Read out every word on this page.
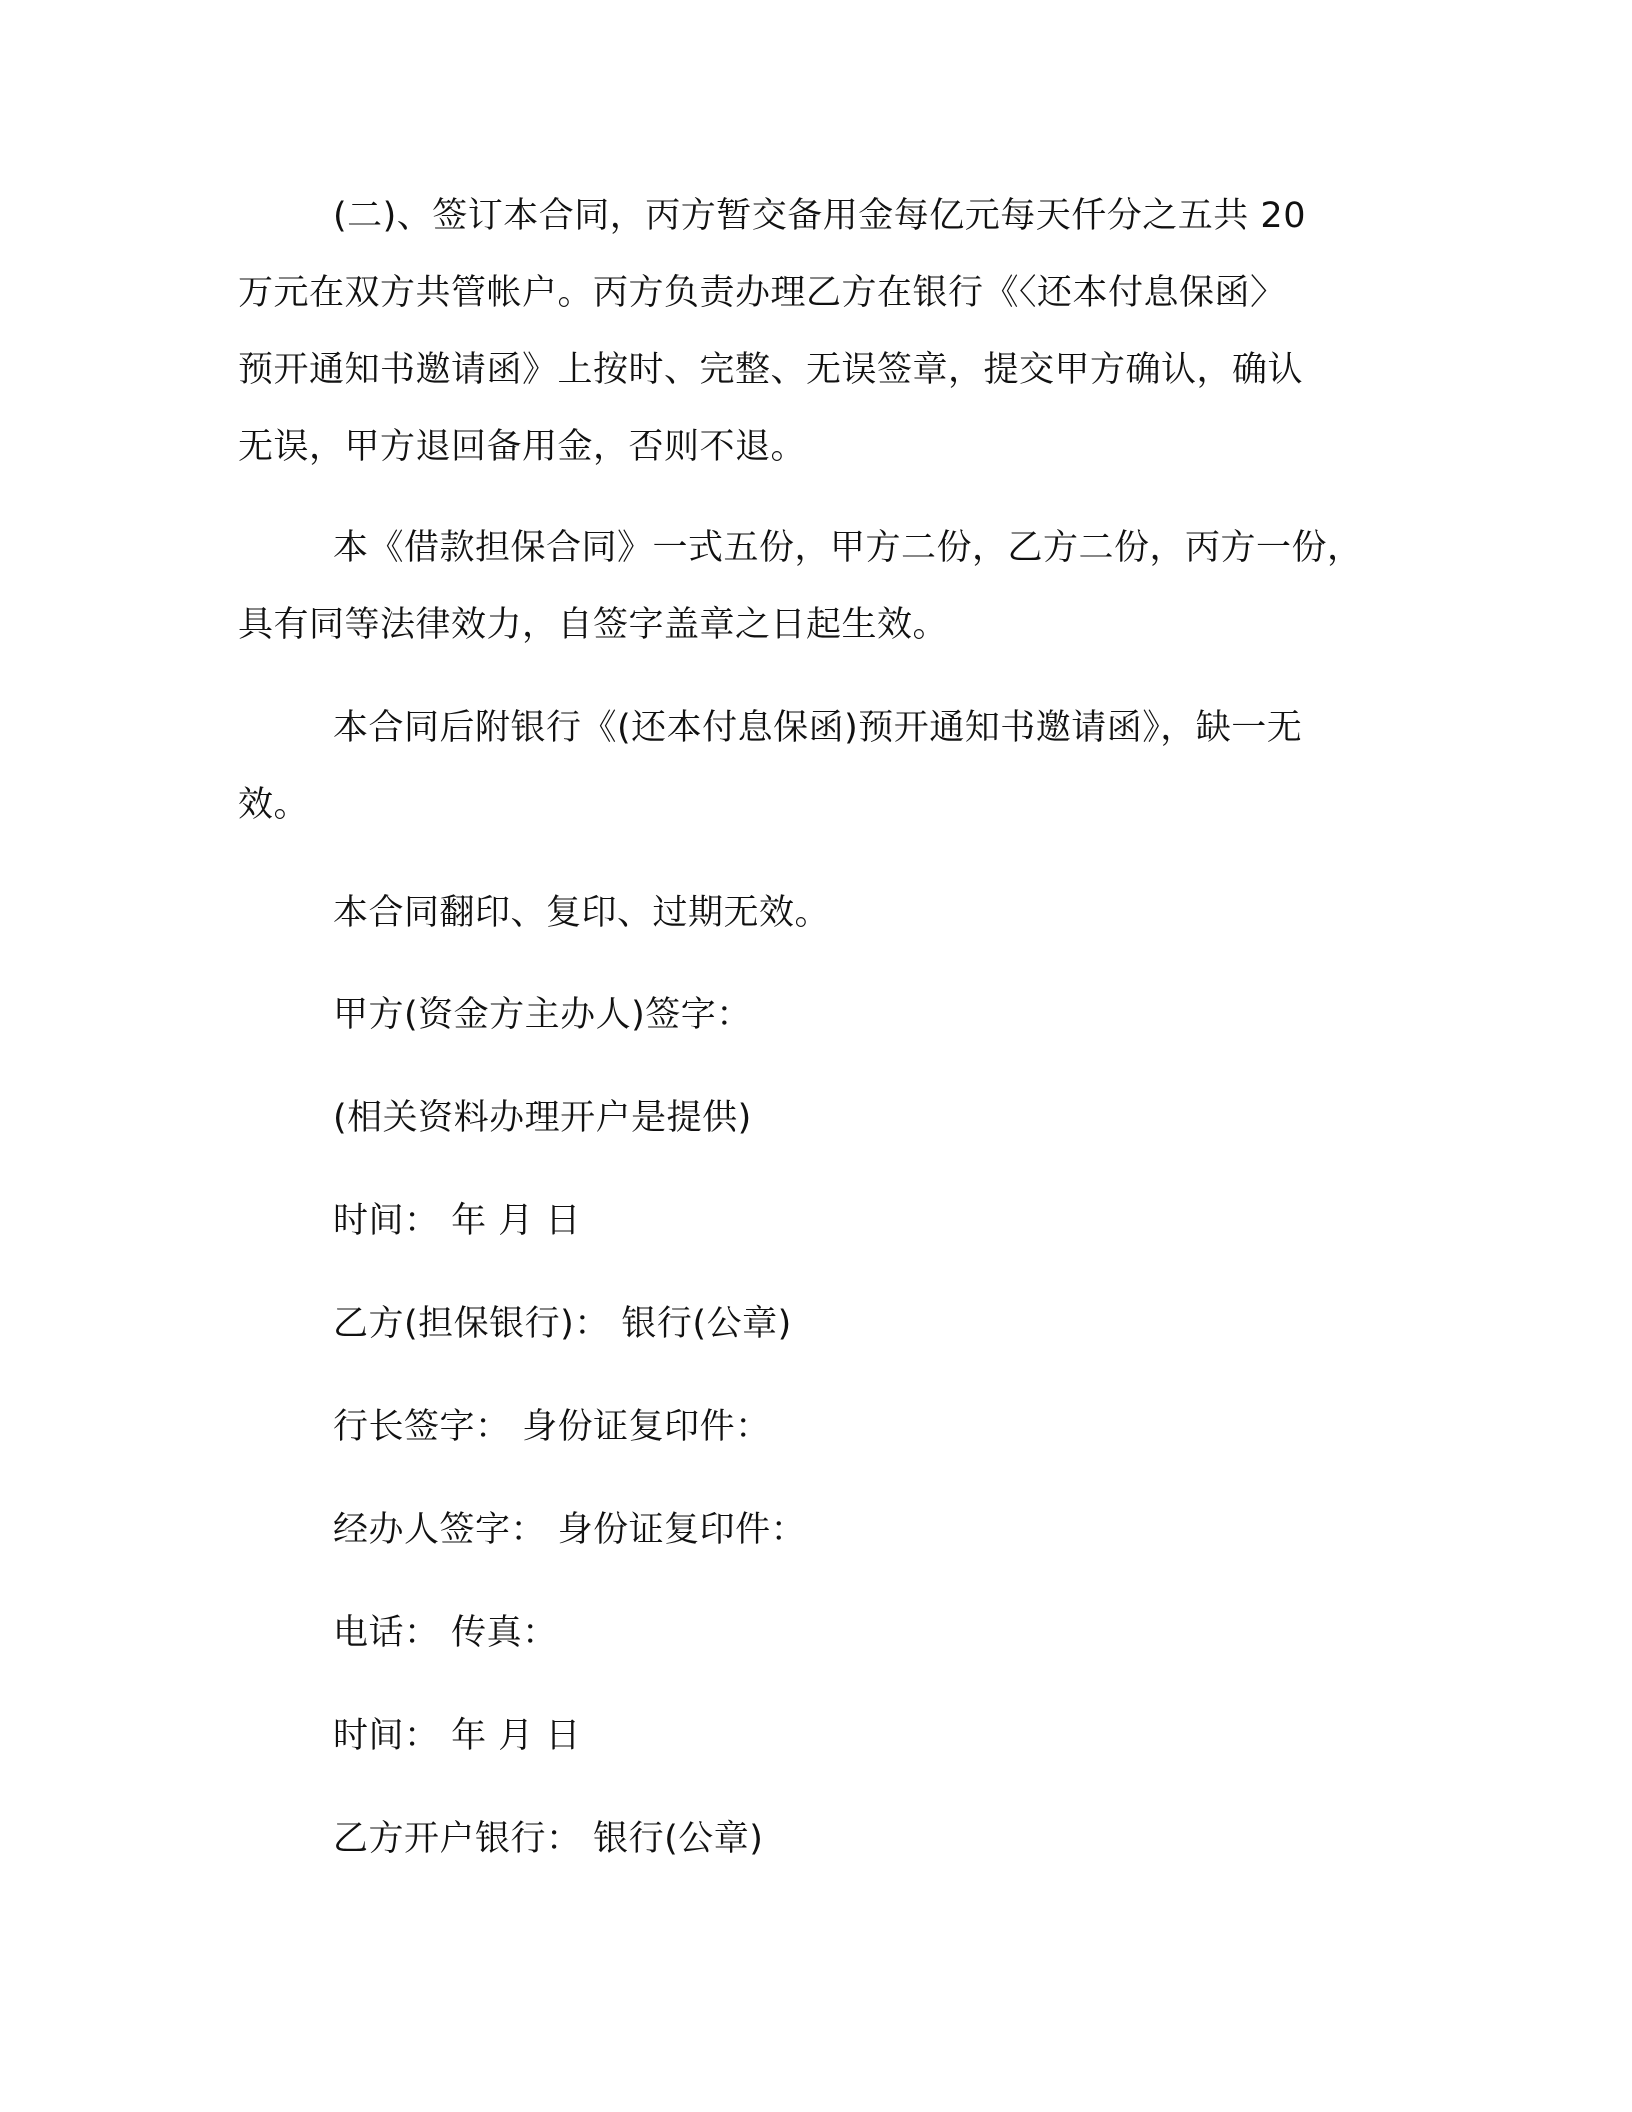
(二)、签订本合同，丙方暂交备用金每亿元每天仟分之五共 20
万元在双方共管帐户。丙方负责办理乙方在银行《〈还本付息保函〉
预开通知书邀请函》上按时、完整、无误签章，提交甲方确认，确认
无误，甲方退回备用金，否则不退。
本《借款担保合同》一式五份，甲方二份，乙方二份，丙方一份，
具有同等法律效力，自签字盖章之日起生效。
本合同后附银行《(还本付息保函)预开通知书邀请函》，缺一无
效。
本合同翻印、复印、过期无效。
甲方(资金方主办人)签字：
(相关资料办理开户是提供)
时间： 年 月 日
乙方(担保银行)： 银行(公章)
行长签字： 身份证复印件：
经办人签字： 身份证复印件：
电话： 传真：
时间： 年 月 日
乙方开户银行： 银行(公章)
